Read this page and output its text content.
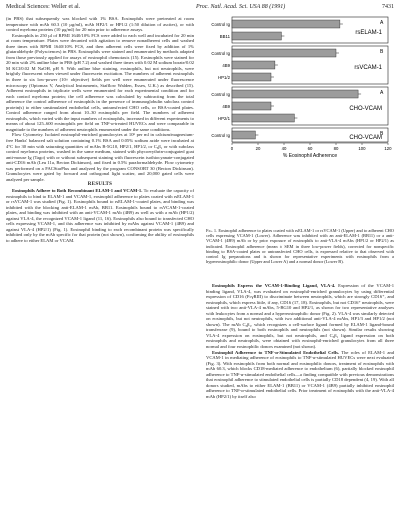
Medical Sciences: Weller et al.	Proc. Natl. Acad. Sci. USA 88 (1991)	7431

(in PBS) that subsequently was blocked with 1% BSA. Eosinophils were pretreated at room temperature with mAb 60.3 (10 µg/ml), mAb HP2/1 or HP1/2 (1:50 dilution of ascites), or with control myeloma proteins (10 µg/ml) for 20 min prior to adherence assays.

Eosinophils in 250 µl of RPMI 1640/10% FCS were added to each well and incubated for 20 min at room temperature. Plates were decanted with agitation to remove nonadherent cells and washed three times with RPMI 1640/10% FCS, and then adherent cells were fixed by addition of 1% glutaraldehyde (Polysciences) in PBS. Eosinophils were stained and enumerated by methods adapted from those previously applied for assays of eosinophil chemotaxis (15). Eosinophils were stained for 20 min with 2% aniline blue in PBS (pH 7.2) and washed three times with 0.02 M sodium borate/0.02 M KCl/0.02 M NaOH, pH 9. With aniline blue staining, eosinophils, but not neutrophils, were brightly fluorescent when viewed under fluorescein excitation. The numbers of adherent eosinophils in three to six low-power (10× objective) fields per well were enumerated under fluorescence microscopy (Optomax V, Analytical Instruments, Stafflow Walden, Essex, U.K.) as described (15). Adherent eosinophils in triplicate wells were enumerated for each experimental condition and for each control myeloma protein; the cell adherence was calculated by subtracting from the total adherence the control adherence of eosinophils in the presence of immunoglobulin subclass control protein(s) to either unstimulated endothelial cells, untransfected CHO cells, or BSA-coated plates. Control adherence ranged from about 10–30 eosinophils per field. The numbers of adherent eosinophils, which varied with the input numbers of eosinophils, increased in different experiments to means of about 125–600 eosinophils per field on TNF-α-treated HUVECs and were comparable in magnitude to the numbers of adherent neutrophils enumerated under the same conditions.

Flow Cytometry. Isolated eosinophil-enriched granulocytes at 10⁶ per ml in calcium/magnesium-free Hanks' balanced salt solution containing 0.1% BSA and 0.05% sodium azide were incubated at 4°C for 30 min with saturating quantities of mAbs B-5G10, HP2/1, HP1/2, or C₃β₁ or with subclass control myeloma proteins, washed in the same medium, stained with phycoerythrin-conjugated goat anti-mouse Ig (Tago) with or without subsequent staining with fluorescein isothiocyanate-conjugated anti-CD16 mAb (Leu 11a, Becton Dickinson), and fixed in 0.5% paraformaldehyde. Flow cytometry was performed on a FACStarPlus and analyzed by the program CONSORT 30 (Becton Dickinson). Granulocytes were gated by forward and orthogonal light scatter, and 20,000 gated cells were analyzed per sample.

RESULTS

Eosinophils Adhere to Both Recombinant ELAM-1 and VCAM-1. To evaluate the capacity of eosinophils to bind to ELAM-1 and VCAM-1, eosinophil adherence to plates coated with rsELAM-1 or rsVCAM-1 was studied (Fig. 1). Eosinophils bound to rsELAM-1-coated plates, and binding was inhibited with the blocking anti-ELAM-1 mAb, BB11. Eosinophils bound to rsVCAM-1-coated plates, and binding was inhibited with an anti-VCAM-1 mAb (4B9) as well as with a mAb (HP1/2) against VLA-4, the recognized VCAM-1 ligand (11, 16). Eosinophils also bound to transfected CHO cells expressing VCAM-1, and this adherence was inhibited by mAbs against VCAM-1 (4B9) and against VLA-4 (HP2/1) (Fig. 1). Eosinophil binding to each recombinant protein was specifically inhibited only by the mAb specific for that protein (not shown), confirming the ability of eosinophils to adhere to either ELAM or VCAM.

A
rsELAM-1
B
rsVCAM-1
A
CHO-VCAM
B
CHO-VCAM
Control Ig
BB11
Control Ig
4B9
HP1/2
Control Ig
4B9
HP2/1
Control Ig
0	20	40	60	80	100	120
% Eosinophil Adherence
Fig. 1. Eosinophil adherence to plates coated with rsELAM-1 or rsVCAM-1 (Upper) and to adherent CHO cells expressing VCAM-1 (Lower). Adherence was inhibited with an anti-ELAM-1 (BB11) or a anti-VCAM-1 (4B9) mAb or by prior exposure of eosinophils to anti-VLA-4 mAbs (HP1/2 or HP2/1) as indicated. Eosinophil adherence (mean ± SEM in three low-power fields), corrected for nonspecific binding to BSA-coated plates or untransfected CHO cells, is expressed relative to that observed with control Ig preparations and is shown for representative experiments with eosinophils from a hypereosinophilic donor (Upper and Lower A) and a normal donor (Lower B).

Eosinophils Express the VCAM-1-Binding Ligand, VLA-4. Expression of the VCAM-1 binding ligand, VLA-4, was evaluated on eosinophil-enriched granulocytes by using differential expression of CD16 (FcγRIII) to discriminate between neutrophils, which are strongly CD16⁺, and eosinophils, which express little, if any, CD16 (17, 18). Eosinophils, but not CD16⁺ neutrophils, were stained with two anti-VLA-4 mAbs, 5-BG10 and HP2/1, as shown for two representative analyses with leukocytes from a normal and a hypereosinophilic donor (Fig. 2). VLA-4 was similarly detected on eosinophils, but not neutrophils, with two additional anti-VLA-4 mAbs, HP1/3 and HP1/2 (not shown). The mAb C₃β₁, which recognizes a cell-surface ligand formed by ELAM-1 ligand-bound transferrase (9), bound to both eosinophils and neutrophils (not shown). Similar results showing VLA-4 expression on eosinophils, but not neutrophils, and C₃β₁ ligand expression on both eosinophils and neutrophils, were obtained with eosinophil-enriched granulocytes from all three normal and four eosinophilic donors examined (not shown).

Eosinophil Adherence to TNF-α-Stimulated Endothelial Cells. The roles of ELAM-1 and VCAM-1 in mediating adherence of eosinophils to TNF-α-stimulated HUVECs were next evaluated (Fig. 3). With eosinophils from both normal and eosinophilic donors, treatment of eosinophils with mAb 60.3, which blocks CD18-mediated adherence to endothelium (6), partially blocked eosinophil adherence to TNF-α-stimulated endothelial cells—a finding compatible with previous demonstrations that eosinophil adherence to stimulated endothelial cells is partially CD18 dependent (4, 19). With all donors studied, mAbs to either ELAM-1 (BB11) or VCAM-1 (4B9) partially inhibited eosinophil adherence to TNF-α-stimulated endothelial cells. Prior treatment of eosinophils with the anti-VLA-4 mAb (HP2/1) by itself also
